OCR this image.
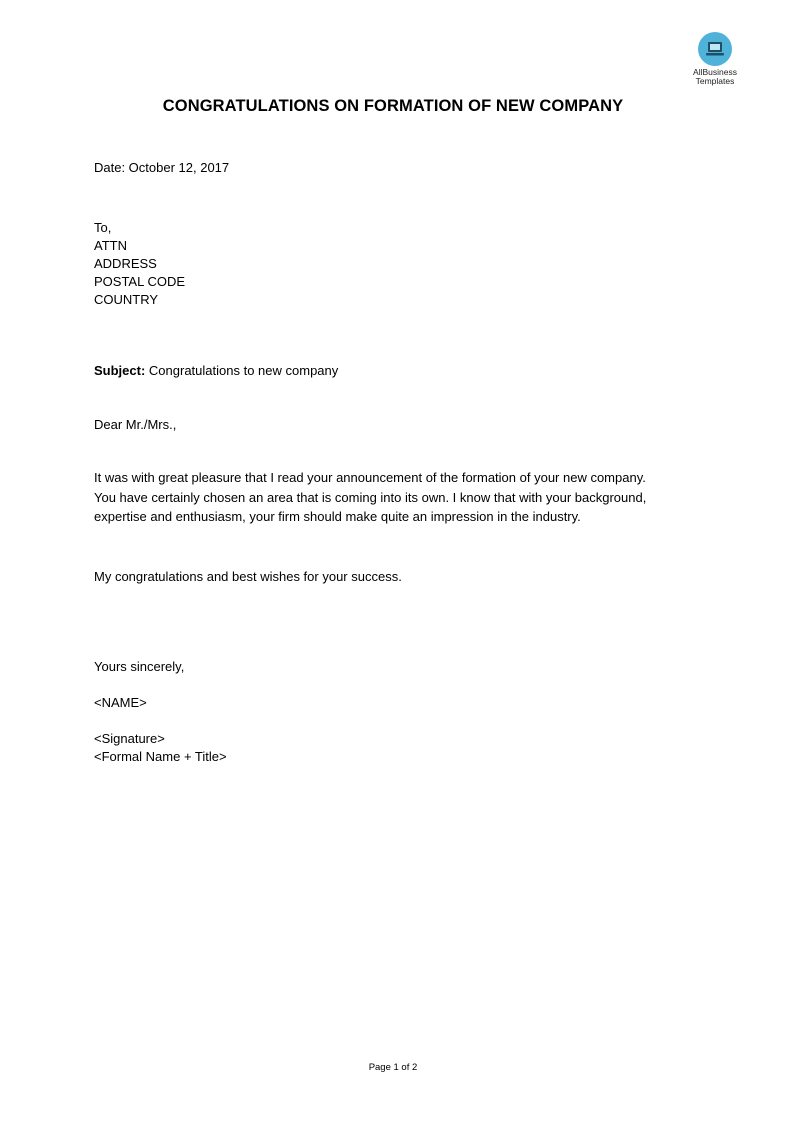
AllBusiness
Templates
CONGRATULATIONS ON FORMATION OF NEW COMPANY
Date: October 12, 2017
To,
ATTN
ADDRESS
POSTAL CODE
COUNTRY
Subject: Congratulations to new company
Dear Mr./Mrs.,
It was with great pleasure that I read your announcement of the formation of your new company.
You have certainly chosen an area that is coming into its own. I know that with your background,
expertise and enthusiasm, your firm should make quite an impression in the industry.
My congratulations and best wishes for your success.
Yours sincerely,
<NAME>
<Signature>
<Formal Name + Title>
Page 1 of 2
